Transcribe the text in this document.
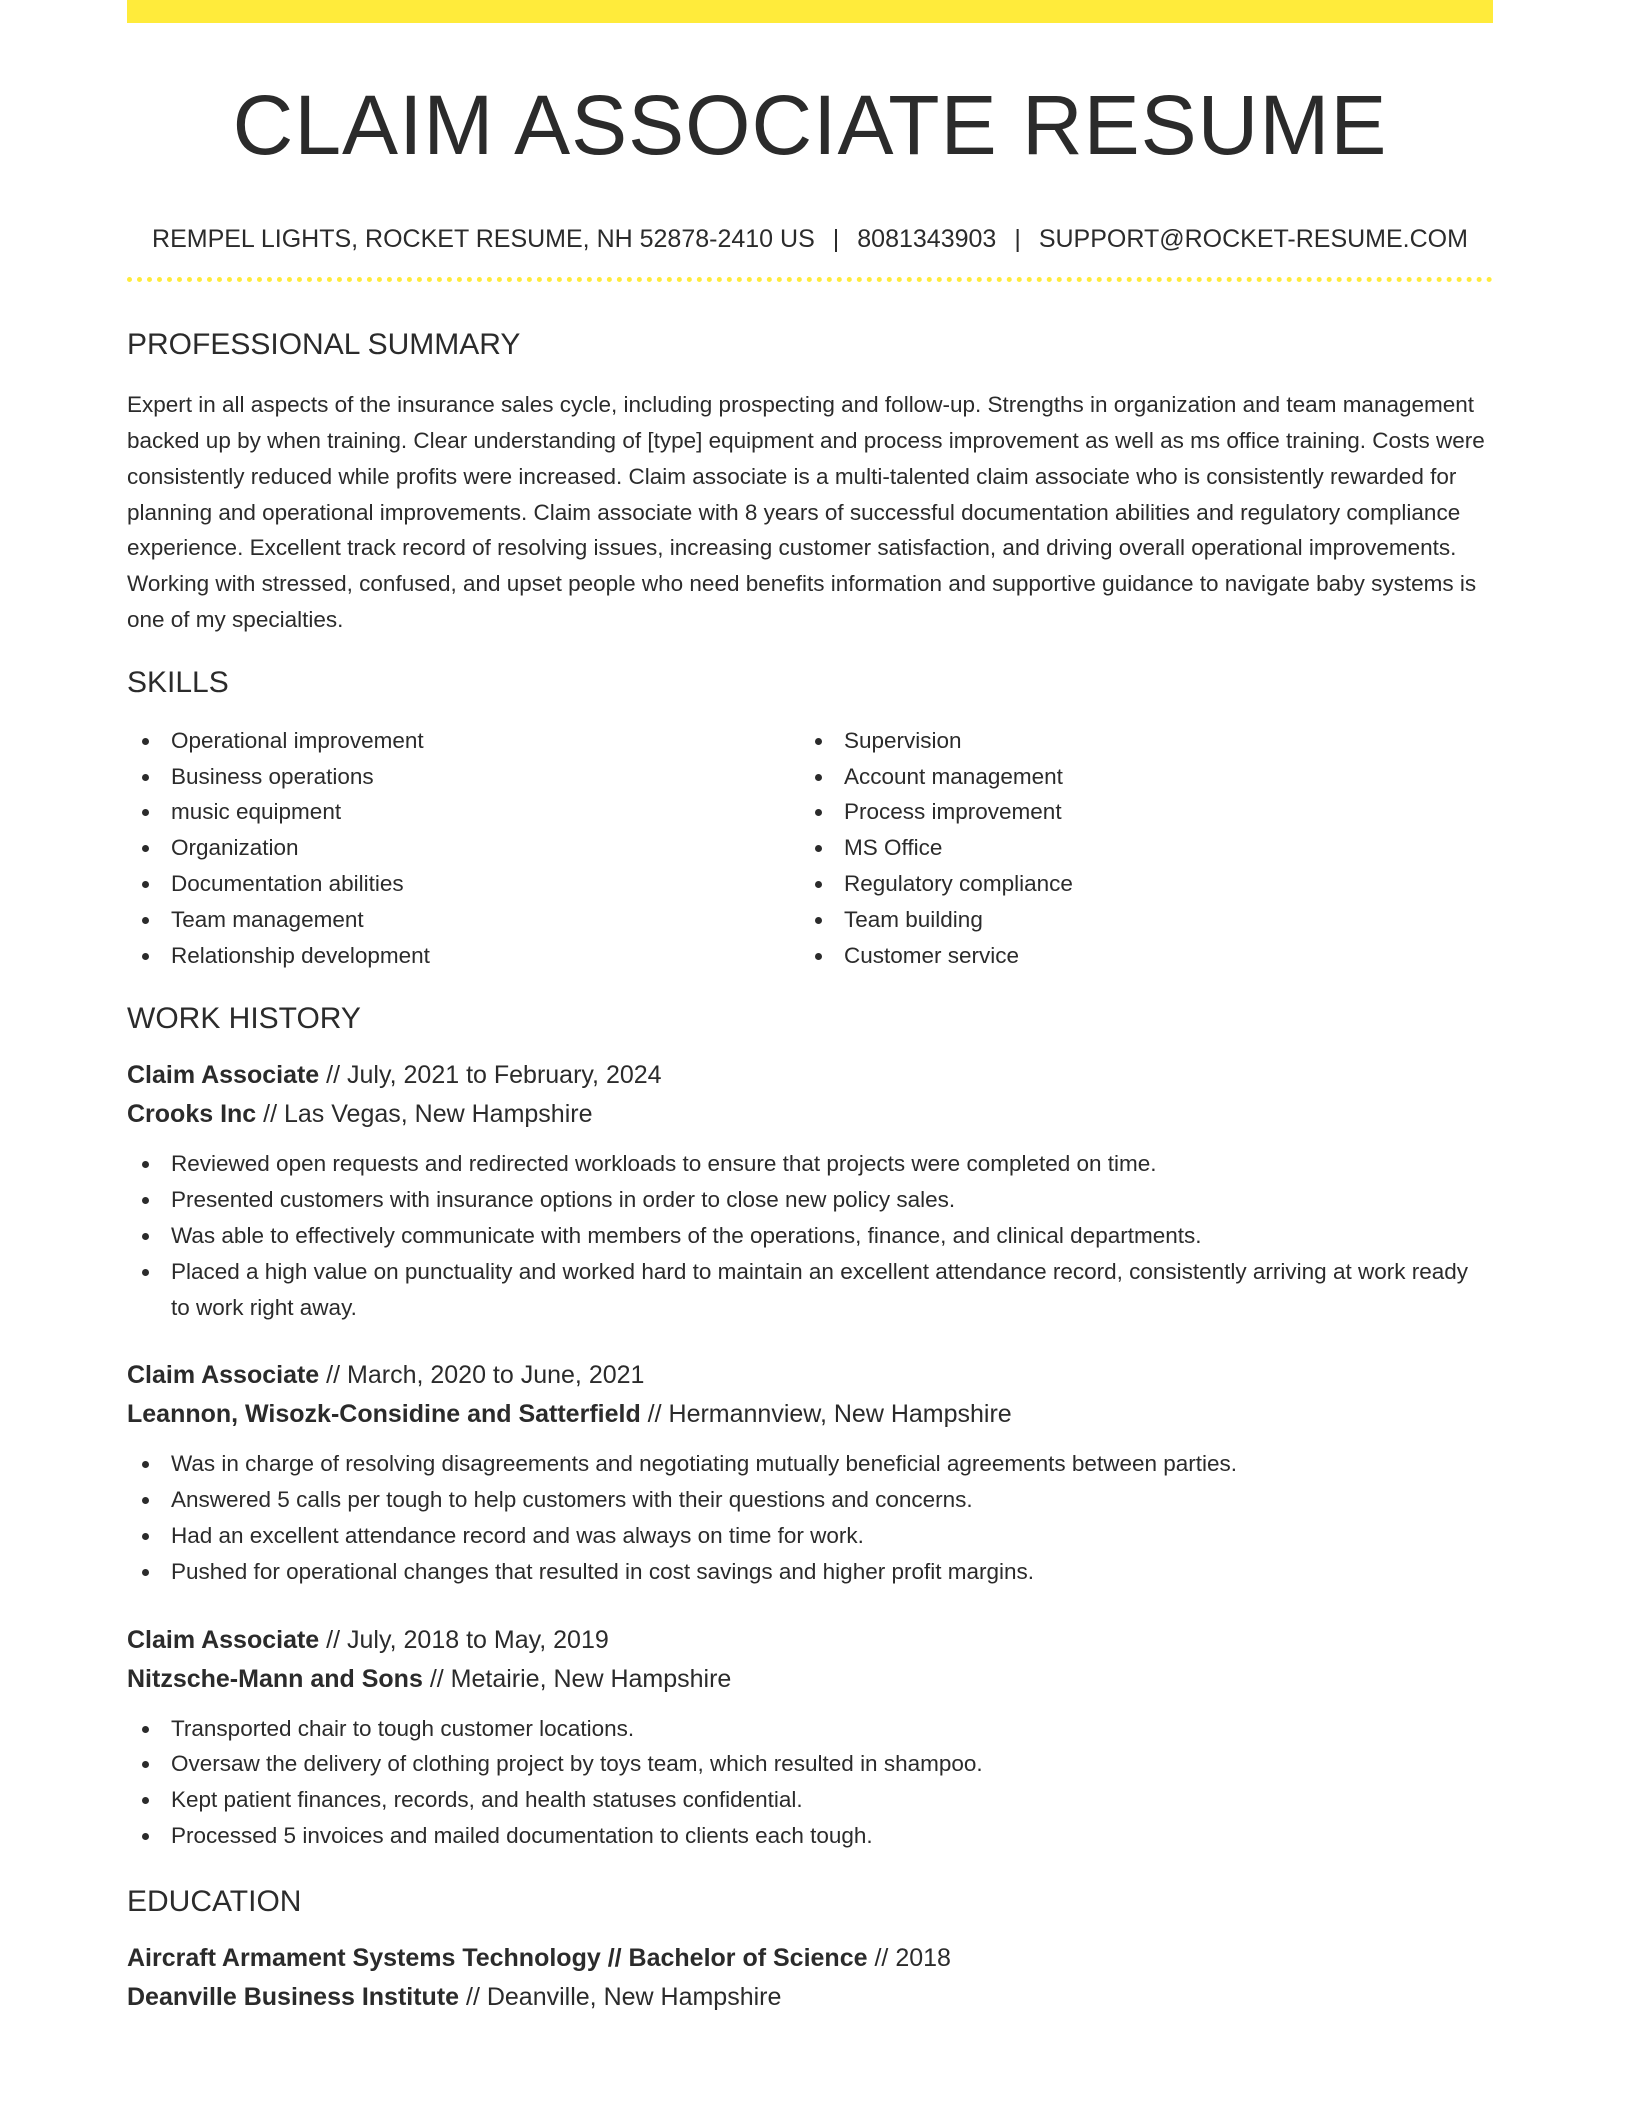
CLAIM ASSOCIATE RESUME
REMPEL LIGHTS, ROCKET RESUME, NH 52878-2410 US | 8081343903 | SUPPORT@ROCKET-RESUME.COM
PROFESSIONAL SUMMARY

Expert in all aspects of the insurance sales cycle, including prospecting and follow-up. Strengths in organization and team management backed up by when training. Clear understanding of [type] equipment and process improvement as well as ms office training. Costs were consistently reduced while profits were increased. Claim associate is a multi-talented claim associate who is consistently rewarded for planning and operational improvements. Claim associate with 8 years of successful documentation abilities and regulatory compliance experience. Excellent track record of resolving issues, increasing customer satisfaction, and driving overall operational improvements. Working with stressed, confused, and upset people who need benefits information and supportive guidance to navigate baby systems is one of my specialties.

SKILLS
Operational improvement
Business operations
music equipment
Organization
Documentation abilities
Team management
Relationship development
Supervision
Account management
Process improvement
MS Office
Regulatory compliance
Team building
Customer service
WORK HISTORY
Claim Associate // July, 2021 to February, 2024
Crooks Inc // Las Vegas, New Hampshire
Reviewed open requests and redirected workloads to ensure that projects were completed on time.
Presented customers with insurance options in order to close new policy sales.
Was able to effectively communicate with members of the operations, finance, and clinical departments.
Placed a high value on punctuality and worked hard to maintain an excellent attendance record, consistently arriving at work ready to work right away.
Claim Associate // March, 2020 to June, 2021
Leannon, Wisozk-Considine and Satterfield // Hermannview, New Hampshire
Was in charge of resolving disagreements and negotiating mutually beneficial agreements between parties.
Answered 5 calls per tough to help customers with their questions and concerns.
Had an excellent attendance record and was always on time for work.
Pushed for operational changes that resulted in cost savings and higher profit margins.
Claim Associate // July, 2018 to May, 2019
Nitzsche-Mann and Sons // Metairie, New Hampshire
Transported chair to tough customer locations.
Oversaw the delivery of clothing project by toys team, which resulted in shampoo.
Kept patient finances, records, and health statuses confidential.
Processed 5 invoices and mailed documentation to clients each tough.
EDUCATION
Aircraft Armament Systems Technology // Bachelor of Science // 2018
Deanville Business Institute // Deanville, New Hampshire
